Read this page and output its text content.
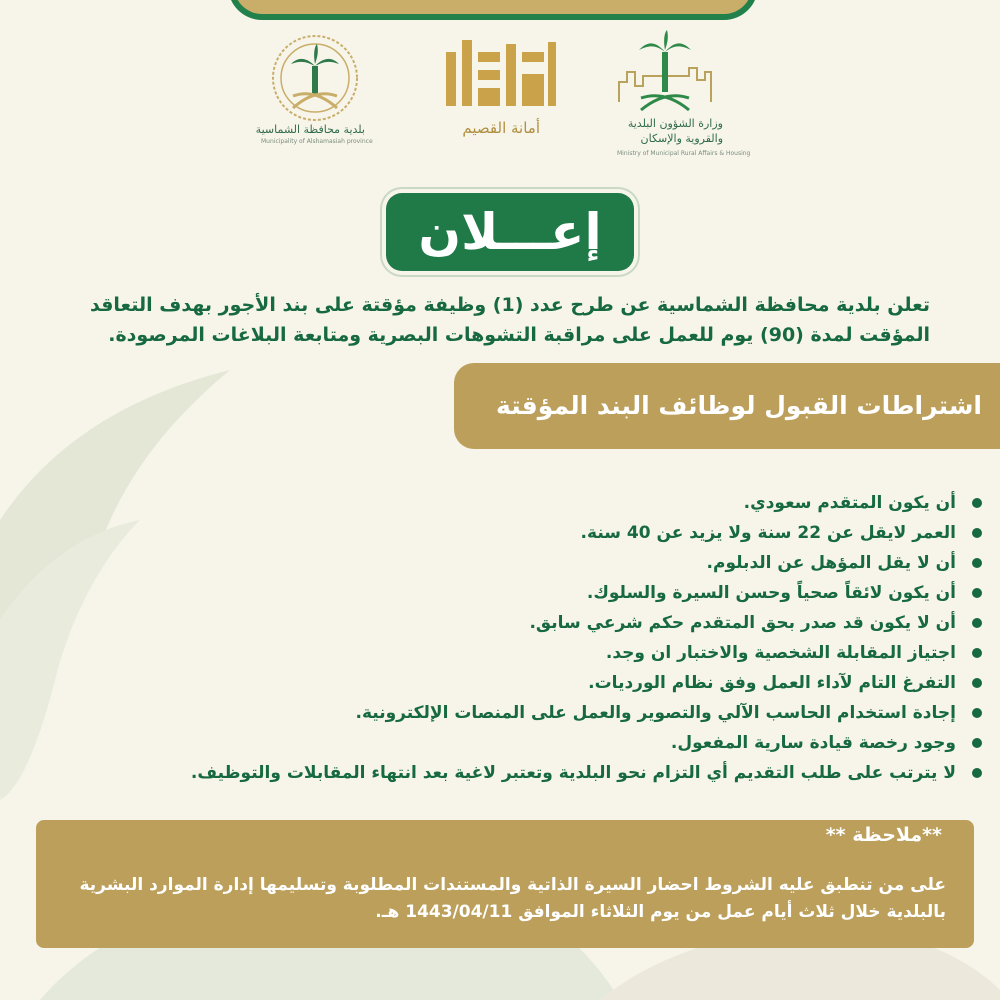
بلدية محافظة الشماسية
Municipality of Alshamasiah province
أمانة القصيم	وزارة الشؤون البلدية
والقروية والإسكان
Ministry of Municipal Rural Affairs & Housing
إعـــلان
تعلن بلدية محافظة الشماسية عن طرح عدد (1) وظيفة مؤقتة على بند الأجور بهدف التعاقد المؤقت لمدة (90) يوم للعمل على مراقبة التشوهات البصرية ومتابعة البلاغات المرصودة.
اشتراطات القبول لوظائف البند المؤقتة
أن يكون المتقدم سعودي.
العمر لايقل عن 22 سنة ولا يزيد عن 40 سنة.
أن لا يقل المؤهل عن الدبلوم.
أن يكون لائقاً صحياً وحسن السيرة والسلوك.
أن لا يكون قد صدر بحق المتقدم حكم شرعي سابق.
اجتياز المقابلة الشخصية والاختبار ان وجد.
التفرغ التام لآداء العمل وفق نظام الورديات.
إجادة استخدام الحاسب الآلي والتصوير والعمل على المنصات الإلكترونية.
وجود رخصة قيادة سارية المفعول.
لا يترتب على طلب التقديم أي التزام نحو البلدية وتعتبر لاغية بعد انتهاء المقابلات والتوظيف.
**ملاحظة **
على من تنطبق عليه الشروط احضار السيرة الذاتية والمستندات المطلوبة وتسليمها إدارة الموارد البشرية بالبلدية خلال ثلاث أيام عمل من يوم الثلاثاء الموافق 1443/04/11 هـ.
